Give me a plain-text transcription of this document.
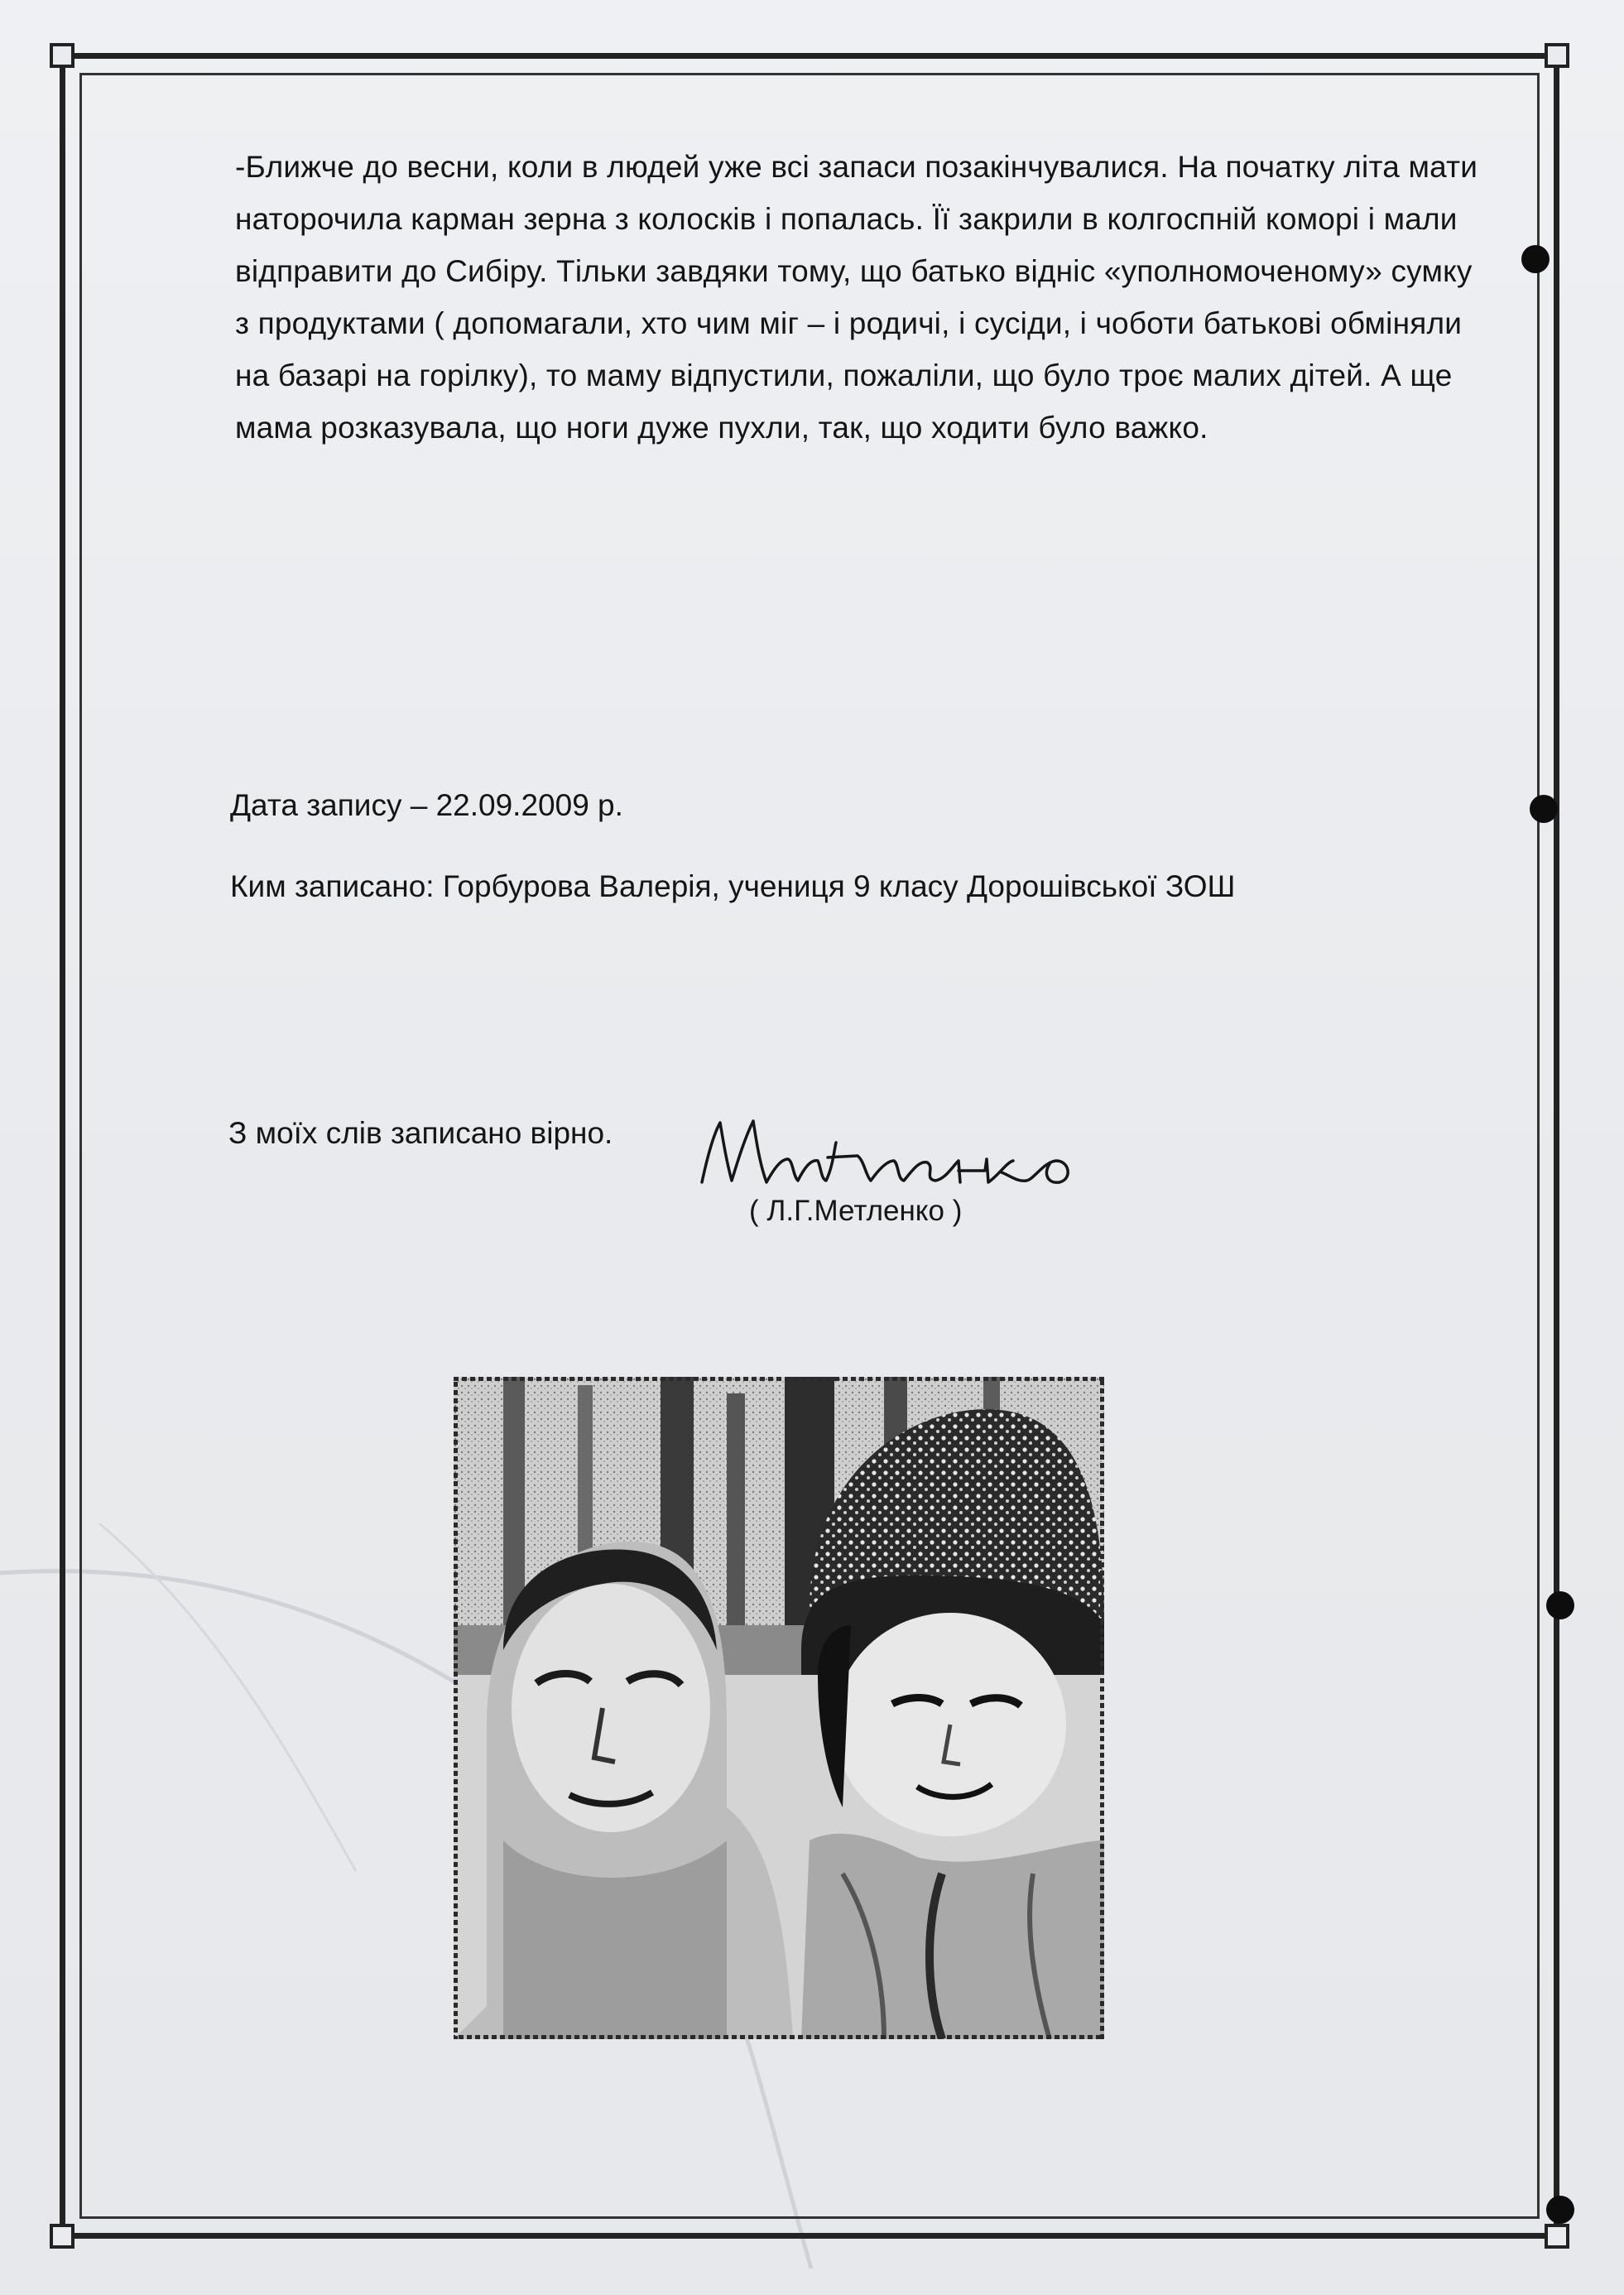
-Ближче до весни, коли в людей уже всі запаси позакінчувалися. На початку літа мати наторочила карман зерна з колосків і попалась. Її закрили в колгоспній коморі і мали відправити до Сибіру. Тільки завдяки тому, що батько відніс «уполномоченому» сумку з продуктами ( допомагали, хто чим міг – і родичі, і сусіди, і чоботи батькові обміняли на базарі на горілку), то маму відпустили, пожаліли, що було троє малих дітей. А ще мама розказувала, що ноги дуже пухли, так, що ходити було важко.

Дата запису – 22.09.2009 р.

Ким записано: Горбурова Валерія, учениця 9 класу Дорошівської ЗОШ

З моїх слів записано вірно.

( Л.Г.Метленко )
